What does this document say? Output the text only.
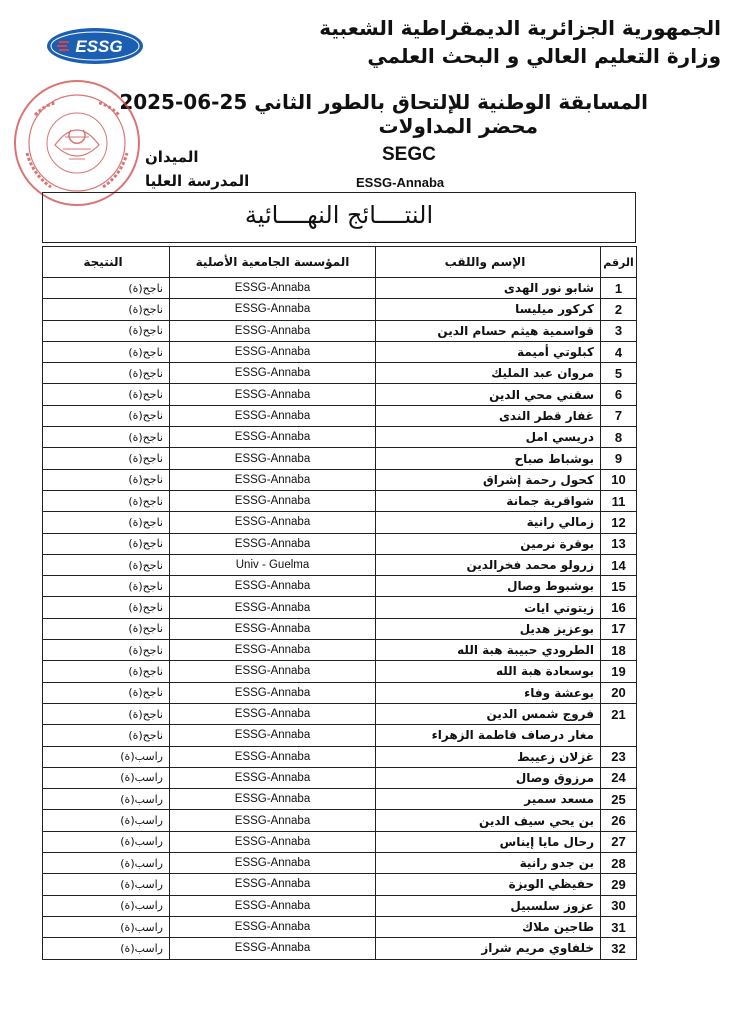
الجمهورية الجزائرية الديمقراطية الشعبية
وزارة التعليم العالي و البحث العلمي
المسابقة الوطنية للإلتحاق بالطور الثاني 25-06-2025
محضر المداولات
ESSG
الميدان	SEGC
المدرسة العليا	ESSG-Annaba
النتــــائج النهــــائية
النتيجة	المؤسسة الجامعية الأصلية	الإسم واللقب	الرقم
ناجح(ة)	ESSG-Annaba	شابو نور الهدى	1
ناجح(ة)	ESSG-Annaba	كركور ميليسا	2
ناجح(ة)	ESSG-Annaba	قواسمية هيثم حسام الدين	3
ناجح(ة)	ESSG-Annaba	كبلوتي أميمة	4
ناجح(ة)	ESSG-Annaba	مروان عبد المليك	5
ناجح(ة)	ESSG-Annaba	سقني محي الدين	6
ناجح(ة)	ESSG-Annaba	غفار قطر الندى	7
ناجح(ة)	ESSG-Annaba	دريسي امل	8
ناجح(ة)	ESSG-Annaba	بوشباط صباح	9
ناجح(ة)	ESSG-Annaba	كحول رحمة إشراق	10
ناجح(ة)	ESSG-Annaba	شواقرية جمانة	11
ناجح(ة)	ESSG-Annaba	زمالي رانية	12
ناجح(ة)	ESSG-Annaba	بوقرة نرمين	13
ناجح(ة)	Univ - Guelma	زرولو محمد فخرالدين	14
ناجح(ة)	ESSG-Annaba	بوشبوط وصال	15
ناجح(ة)	ESSG-Annaba	زيتوني ايات	16
ناجح(ة)	ESSG-Annaba	بوعزيز هديل	17
ناجح(ة)	ESSG-Annaba	الطرودي حبيبة هبة الله	18
ناجح(ة)	ESSG-Annaba	بوسعادة هبة الله	19
ناجح(ة)	ESSG-Annaba	بوعشة وفاء	20
ناجح(ة)	ESSG-Annaba	فروج شمس الدين	21
ناجح(ة)	ESSG-Annaba	مغار درصاف فاطمة الزهراء	
راسب(ة)	ESSG-Annaba	غزلان زعيبط	23
راسب(ة)	ESSG-Annaba	مرزوق وصال	24
راسب(ة)	ESSG-Annaba	مسعد سمير	25
راسب(ة)	ESSG-Annaba	بن يحي سيف الدين	26
راسب(ة)	ESSG-Annaba	رحال مايا إيناس	27
راسب(ة)	ESSG-Annaba	بن جدو رانية	28
راسب(ة)	ESSG-Annaba	حفيظي الويزة	29
راسب(ة)	ESSG-Annaba	عزوز سلسبيل	30
راسب(ة)	ESSG-Annaba	طاجين ملاك	31
راسب(ة)	ESSG-Annaba	خلفاوي مريم شراز	32
